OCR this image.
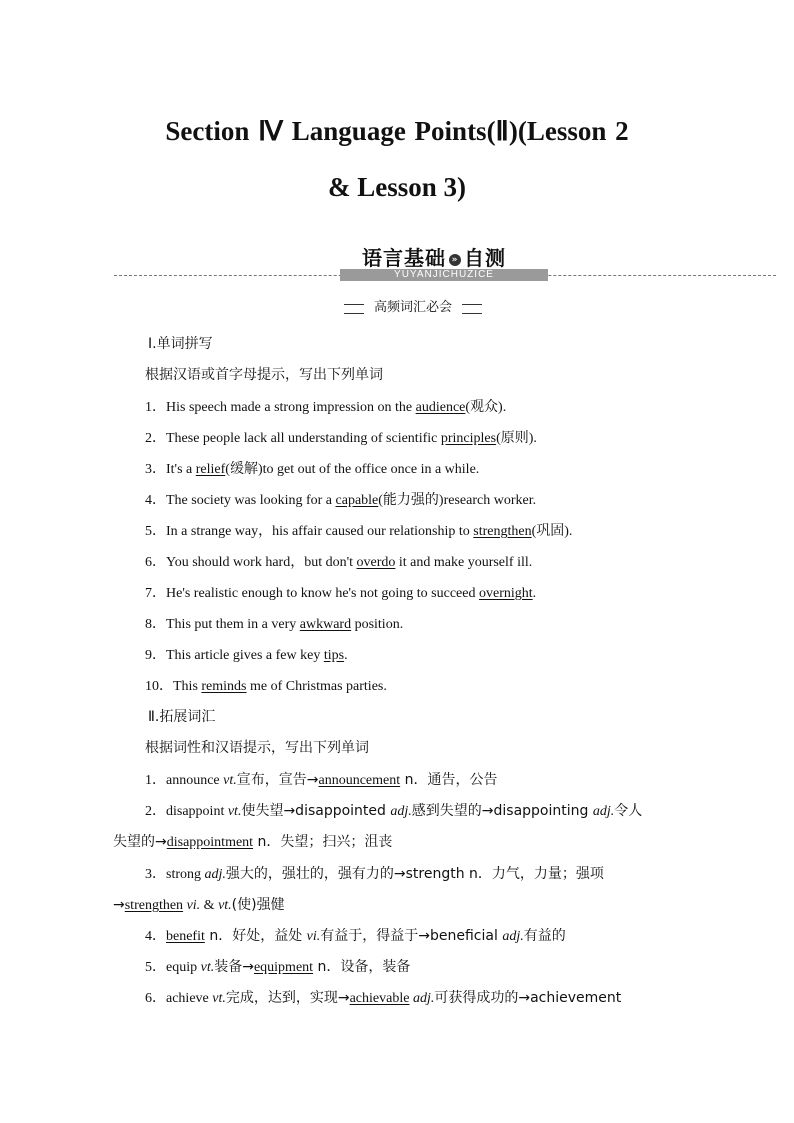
Section Ⅳ Language Points(Ⅱ)(Lesson 2
& Lesson 3)
YUYANJICHUZICE
语言基础 » 自测
高频词汇必会
Ⅰ.单词拼写
根据汉语或首字母提示，写出下列单词
1．His speech made a strong impression on the audience(观众).
2．These people lack all understanding of scientific principles(原则).
3．It's a relief(缓解)to get out of the office once in a while.
4．The society was looking for a capable(能力强的)research worker.
5．In a strange way，his affair caused our relationship to strengthen(巩固).
6．You should work hard，but don't overdo it and make yourself ill.
7．He's realistic enough to know he's not going to succeed overnight.
8．This put them in a very awkward position.
9．This article gives a few key tips.
10．This reminds me of Christmas parties.
Ⅱ.拓展词汇
根据词性和汉语提示，写出下列单词
1．announce vt.宣布，宣告→announcement n．通告，公告
2．disappoint vt.使失望→disappointed adj.感到失望的→disappointing adj.令人
失望的→disappointment n．失望；扫兴；沮丧
3．strong adj.强大的，强壮的，强有力的→strength n．力气，力量；强项
→strengthen vi. & vt.(使)强健
4．benefit n．好处，益处 vi.有益于，得益于→beneficial adj.有益的
5．equip vt.装备→equipment n．设备，装备
6．achieve vt.完成，达到，实现→achievable adj.可获得成功的→achievement
